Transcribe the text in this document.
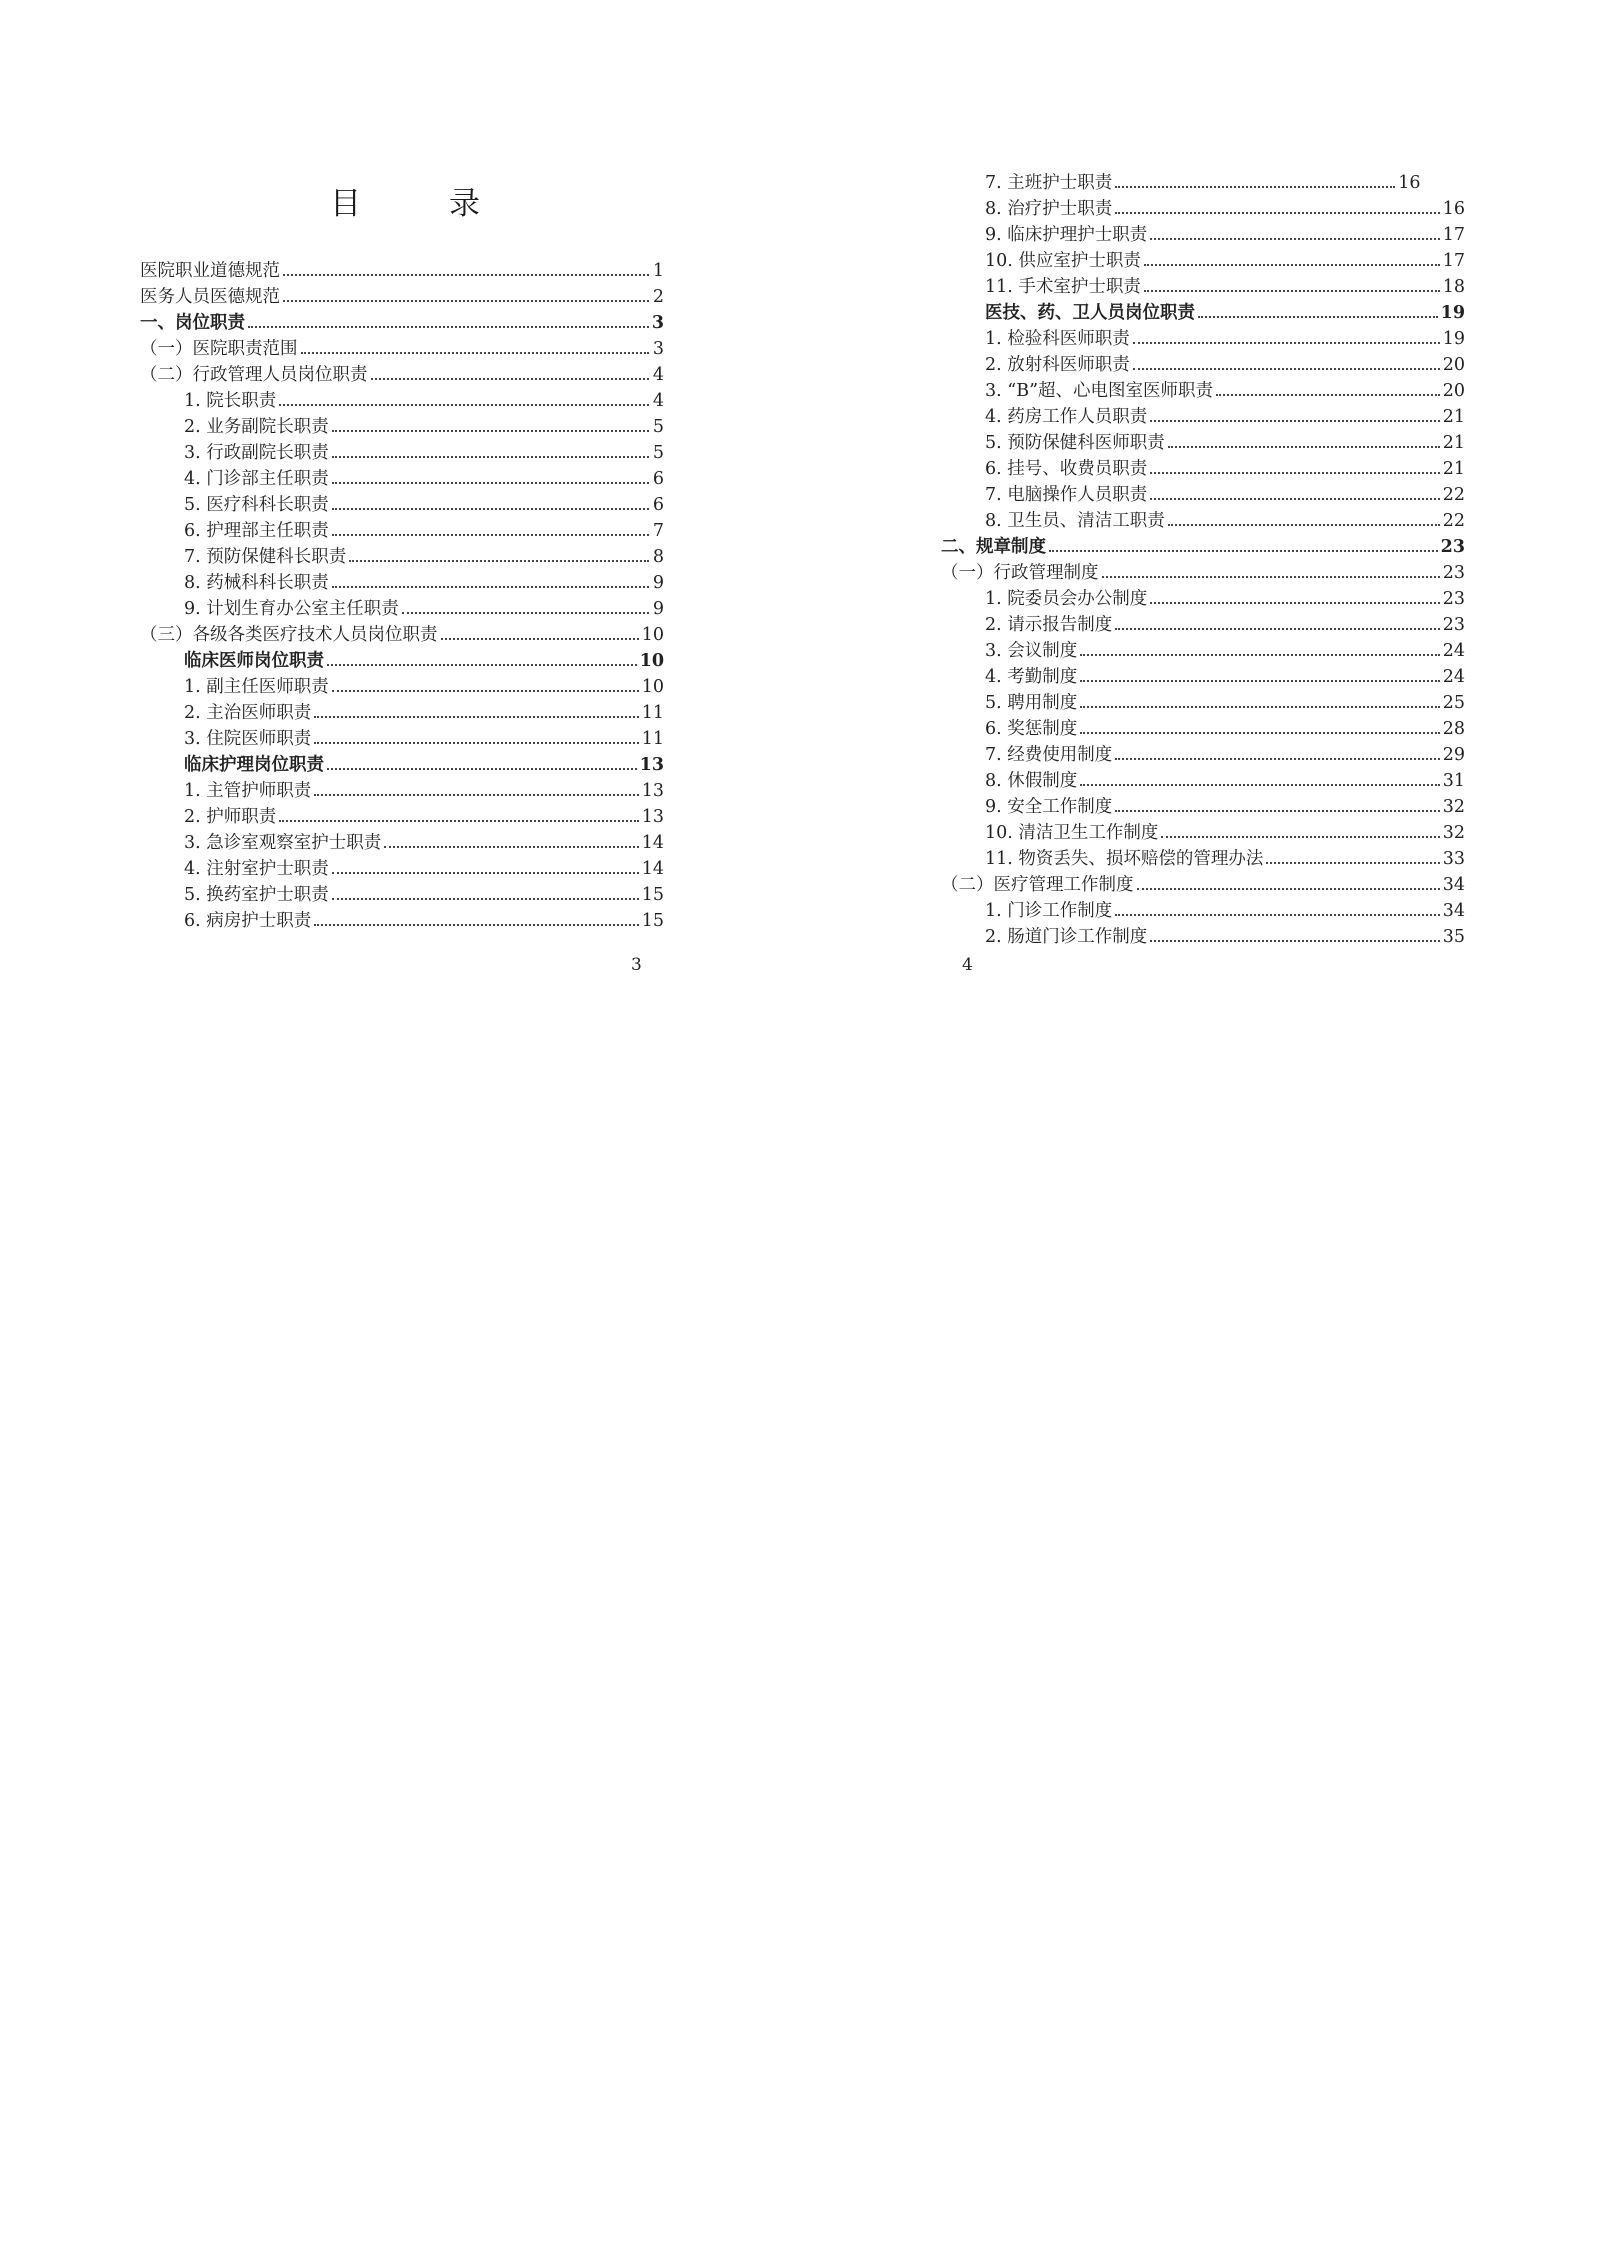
目	录
医院职业道德规范	1
医务人员医德规范	2
一、岗位职责	3
（一）医院职责范围	3
（二）行政管理人员岗位职责	4
1. 院长职责	4
2. 业务副院长职责	5
3. 行政副院长职责	5
4. 门诊部主任职责	6
5. 医疗科科长职责	6
6. 护理部主任职责	7
7. 预防保健科长职责	8
8. 药械科科长职责	9
9. 计划生育办公室主任职责	9
（三）各级各类医疗技术人员岗位职责	10
临床医师岗位职责	10
1. 副主任医师职责	10
2. 主治医师职责	11
3. 住院医师职责	11
临床护理岗位职责	13
1. 主管护师职责	13
2. 护师职责	13
3. 急诊室观察室护士职责	14
4. 注射室护士职责	14
5. 换药室护士职责	15
6. 病房护士职责	15
7. 主班护士职责	16
8. 治疗护士职责	16
9. 临床护理护士职责	17
10. 供应室护士职责	17
11. 手术室护士职责	18
医技、药、卫人员岗位职责	19
1. 检验科医师职责	19
2. 放射科医师职责	20
3. “B”超、心电图室医师职责	20
4. 药房工作人员职责	21
5. 预防保健科医师职责	21
6. 挂号、收费员职责	21
7. 电脑操作人员职责	22
8. 卫生员、清洁工职责	22
二、规章制度	23
（一）行政管理制度	23
1. 院委员会办公制度	23
2. 请示报告制度	23
3. 会议制度	24
4. 考勤制度	24
5. 聘用制度	25
6. 奖惩制度	28
7. 经费使用制度	29
8. 休假制度	31
9. 安全工作制度	32
10. 清洁卫生工作制度	32
11. 物资丢失、损坏赔偿的管理办法	33
（二）医疗管理工作制度	34
1. 门诊工作制度	34
2. 肠道门诊工作制度	35
3	4
